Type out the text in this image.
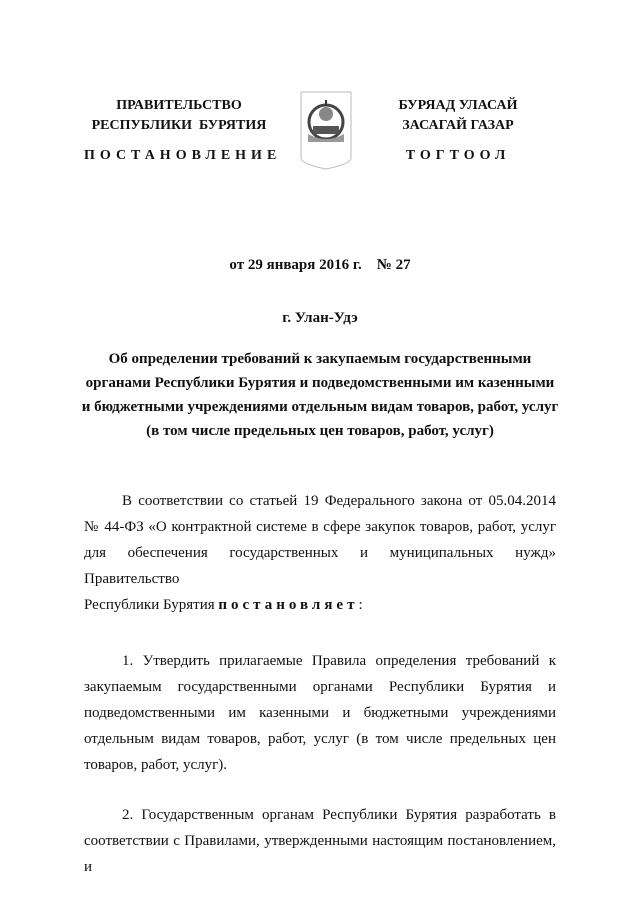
ПРАВИТЕЛЬСТВО
РЕСПУБЛИКИ  БУРЯТИЯ
ПОСТАНОВЛЕНИЕ
БУРЯАД УЛАСАЙ
ЗАСАГАЙ ГАЗАР
ТОГТООЛ
от 29 января 2016 г.    № 27
г. Улан-Удэ
Об определении требований к закупаемым государственными
органами Республики Бурятия и подведомственными им казенными
и бюджетными учреждениями отдельным видам товаров, работ, услуг
(в том числе предельных цен товаров, работ, услуг)
В соответствии со статьей 19 Федерального закона от 05.04.2014
№ 44-ФЗ «О контрактной системе в сфере закупок товаров, работ, услуг
для обеспечения государственных и муниципальных нужд» Правительство
Республики Бурятия постановляет:
1. Утвердить прилагаемые Правила определения требований к
закупаемым государственными органами Республики Бурятия и
подведомственными им казенными и бюджетными учреждениями
отдельным видам товаров, работ, услуг (в том числе предельных цен
товаров, работ, услуг).
2. Государственным органам Республики Бурятия разработать в
соответствии с Правилами, утвержденными настоящим постановлением, и
